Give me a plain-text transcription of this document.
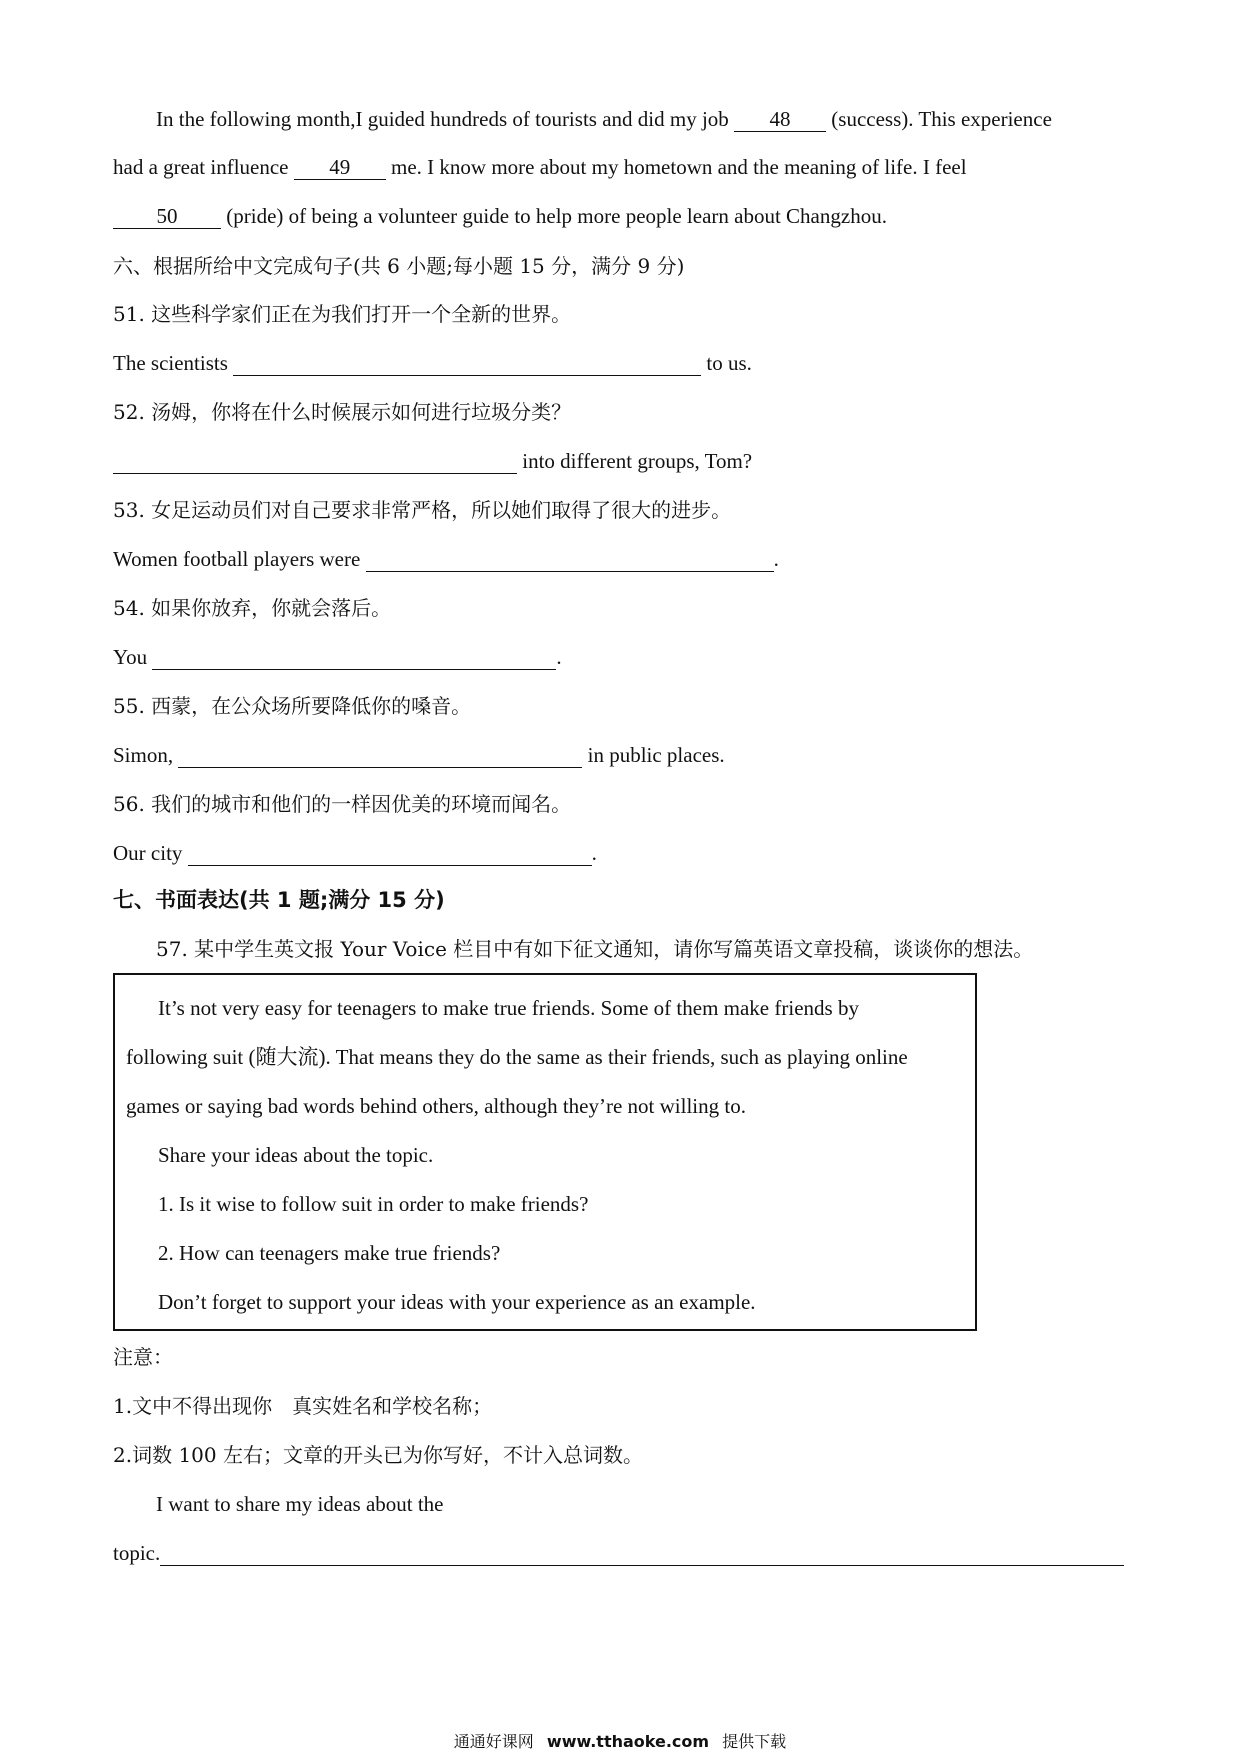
In the following month,I guided hundreds of tourists and did my job 48 (success). This experience
had a great influence 49 me. I know more about my hometown and the meaning of life. I feel
50 (pride) of being a volunteer guide to help more people learn about Changzhou.
六、根据所给中文完成句子(共 6 小题;每小题 15 分，满分 9 分)
51. 这些科学家们正在为我们打开一个全新的世界。
The scientists	to us.
52. 汤姆，你将在什么时候展示如何进行垃圾分类？
into different groups, Tom?
53. 女足运动员们对自己要求非常严格，所以她们取得了很大的进步。
Women football players were	.
54. 如果你放弃，你就会落后。
You	.
55. 西蒙，在公众场所要降低你的嗓音。
Simon,	in public places.
56. 我们的城市和他们的一样因优美的环境而闻名。
Our city	.
七、书面表达(共 1 题;满分 15 分)
57. 某中学生英文报 Your Voice 栏目中有如下征文通知，请你写篇英语文章投稿，谈谈你的想法。
It’s not very easy for teenagers to make true friends. Some of them make friends by
following suit (随大流). That means they do the same as their friends, such as playing online
games or saying bad words behind others, although they’re not willing to.
Share your ideas about the topic.
1. Is it wise to follow suit in order to make friends?
2. How can teenagers make true friends?
Don’t forget to support your ideas with your experience as an example.
注意：
1.文中不得出现你　真实姓名和学校名称；
2.词数 100 左右；文章的开头已为你写好，不计入总词数。
I want to share my ideas about the
topic.
通通好课网 www.tthaoke.com 提供下载
